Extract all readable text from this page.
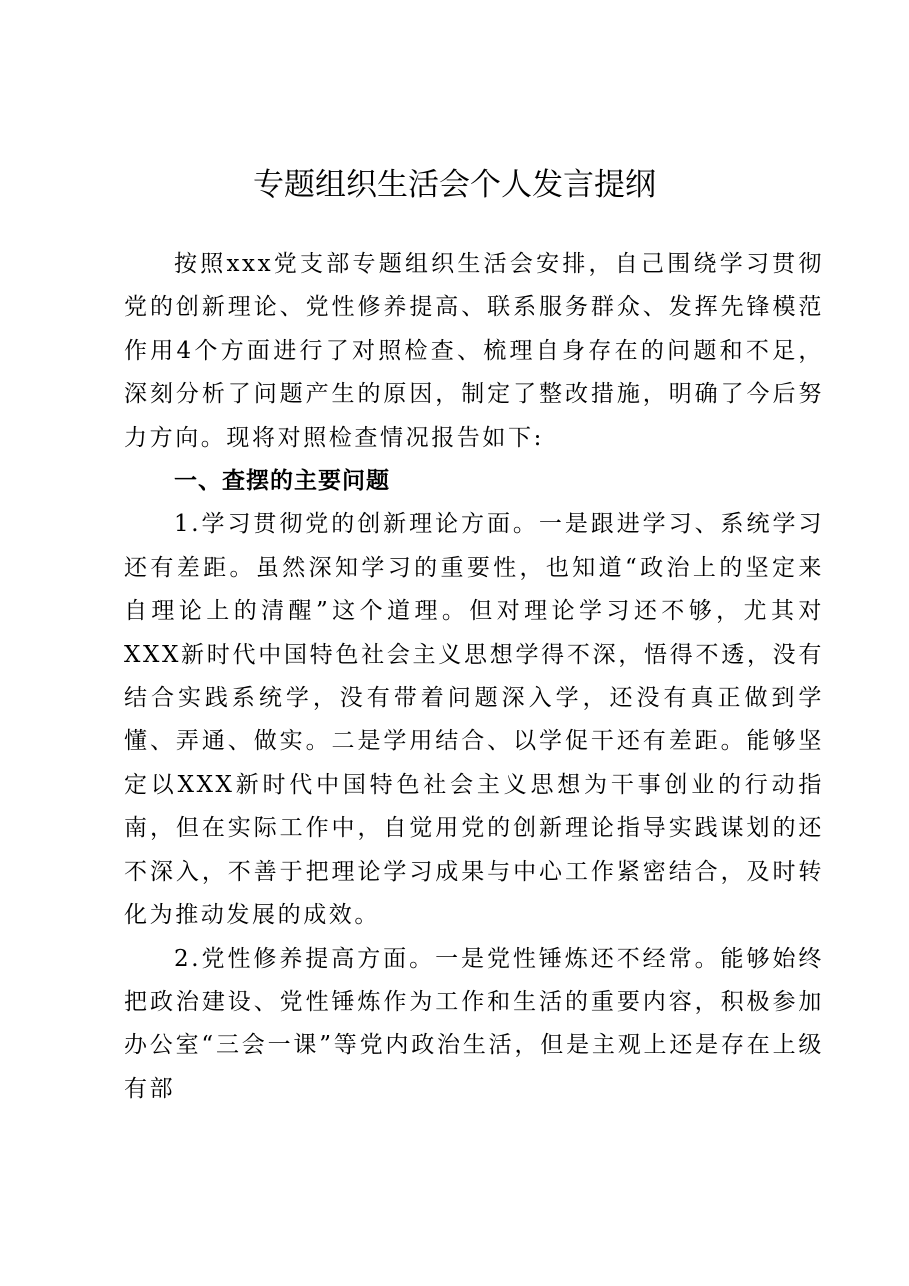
专题组织生活会个人发言提纲

按照xxx党支部专题组织生活会安排，自己围绕学习贯彻党的创新理论、党性修养提高、联系服务群众、发挥先锋模范作用4个方面进行了对照检查、梳理自身存在的问题和不足，深刻分析了问题产生的原因，制定了整改措施，明确了今后努力方向。现将对照检查情况报告如下:

一、查摆的主要问题

1.学习贯彻党的创新理论方面。一是跟进学习、系统学习还有差距。虽然深知学习的重要性，也知道“政治上的坚定来自理论上的清醒”这个道理。但对理论学习还不够，尤其对XXX新时代中国特色社会主义思想学得不深，悟得不透，没有结合实践系统学，没有带着问题深入学，还没有真正做到学懂、弄通、做实。二是学用结合、以学促干还有差距。能够坚定以XXX新时代中国特色社会主义思想为干事创业的行动指南，但在实际工作中，自觉用党的创新理论指导实践谋划的还不深入，不善于把理论学习成果与中心工作紧密结合，及时转化为推动发展的成效。

2.党性修养提高方面。一是党性锤炼还不经常。能够始终把政治建设、党性锤炼作为工作和生活的重要内容，积极参加办公室“三会一课”等党内政治生活，但是主观上还是存在上级有部
